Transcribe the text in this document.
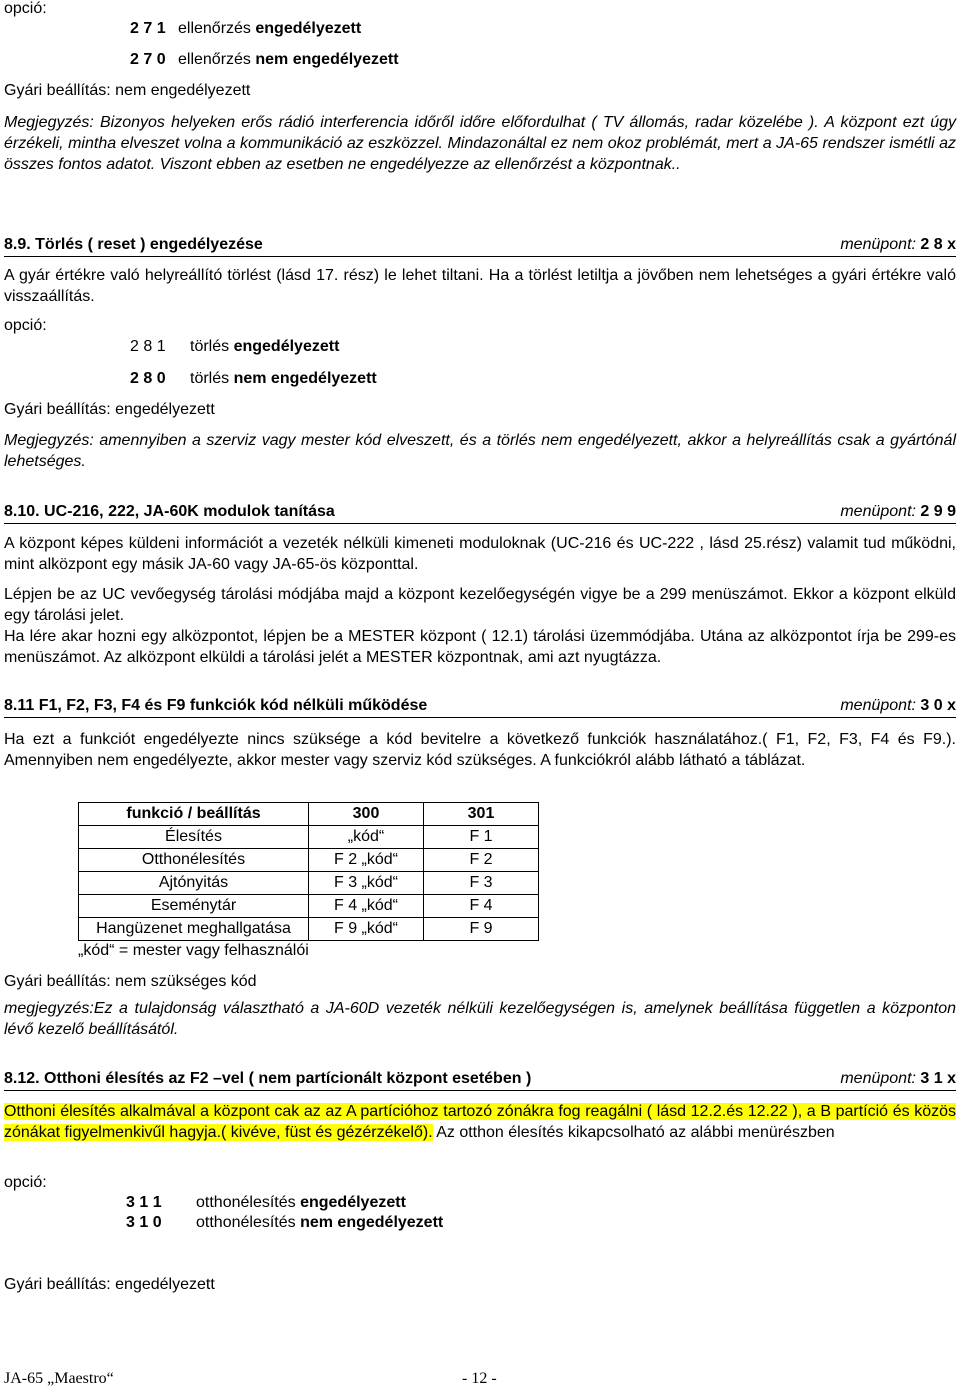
opció:
2 7 1 ellenőrzés engedélyezett
2 7 0 ellenőrzés nem engedélyezett
Gyári beállítás: nem engedélyezett
Megjegyzés: Bizonyos helyeken erős rádió interferencia időről időre előfordulhat ( TV állomás, radar közelébe ). A központ ezt úgy érzékeli, mintha elveszet volna a kommunikáció az eszközzel. Mindazonáltal ez nem okoz problémát, mert a JA-65 rendszer ismétli az összes fontos adatot. Viszont ebben az esetben ne engedélyezze az ellenőrzést a központnak..
8.9. Törlés ( reset ) engedélyezése	menüpont: 2 8 x
A gyár értékre való helyreállító törlést (lásd 17. rész) le lehet tiltani. Ha a törlést letiltja a jövőben nem lehetséges a gyári értékre való visszaállítás.
opció:
2 8 1 törlés engedélyezett
2 8 0 törlés nem engedélyezett
Gyári beállítás: engedélyezett
Megjegyzés: amennyiben a szerviz vagy mester kód elveszett, és a törlés nem engedélyezett, akkor a helyreállítás csak a gyártónál lehetséges.
8.10. UC-216, 222, JA-60K modulok tanítása	menüpont: 2 9 9
A központ képes küldeni információt a vezeték nélküli kimeneti moduloknak (UC-216 és UC-222 , lásd 25.rész) valamit tud működni, mint alközpont egy másik JA-60 vagy JA-65-ös központtal.
Lépjen be az UC vevőegység tárolási módjába majd a központ kezelőegységén vigye be a 299 menüszámot. Ekkor a központ elküld egy tárolási jelet.
Ha lére akar hozni egy alközpontot, lépjen be a MESTER központ ( 12.1) tárolási üzemmódjába. Utána az alközpontot írja be 299-es menüszámot. Az alközpont elküldi a tárolási jelét a MESTER központnak, ami azt nyugtázza.
8.11 F1, F2, F3, F4 és F9 funkciók kód nélküli működése	menüpont: 3 0 x
Ha ezt a funkciót engedélyezte nincs szüksége a kód bevitelre a következő funkciók használatához.( F1, F2, F3, F4 és F9.). Amennyiben nem engedélyezte, akkor mester vagy szerviz kód szükséges. A funkciókról alább látható a táblázat.
funkció / beállítás	300	301
Élesítés	„kód“	F 1
Otthonélesítés	F 2 „kód“	F 2
Ajtónyitás	F 3 „kód“	F 3
Eseménytár	F 4 „kód“	F 4
Hangüzenet meghallgatása	F 9 „kód“	F 9
„kód“ = mester vagy felhasználói
Gyári beállítás: nem szükséges kód
megjegyzés:Ez a tulajdonság választható a JA-60D vezeték nélküli kezelőegységen is, amelynek beállítása független a központon lévő kezelő beállításától.
8.12. Otthoni élesítés az F2 –vel ( nem partícionált központ esetében )	menüpont: 3 1 x
Otthoni élesítés alkalmával a központ cak az az A partícióhoz tartozó zónákra fog reagálni ( lásd 12.2.és 12.22 ), a B partíció és közös zónákat figyelmenkivűl hagyja.( kivéve, füst és gézérzékelő). Az otthon élesítés kikapcsolható az alábbi menürészben
opció:
3 1 1 otthonélesítés engedélyezett
3 1 0 otthonélesítés nem engedélyezett
Gyári beállítás: engedélyezett
JA-65 „Maestro“	- 12 -
